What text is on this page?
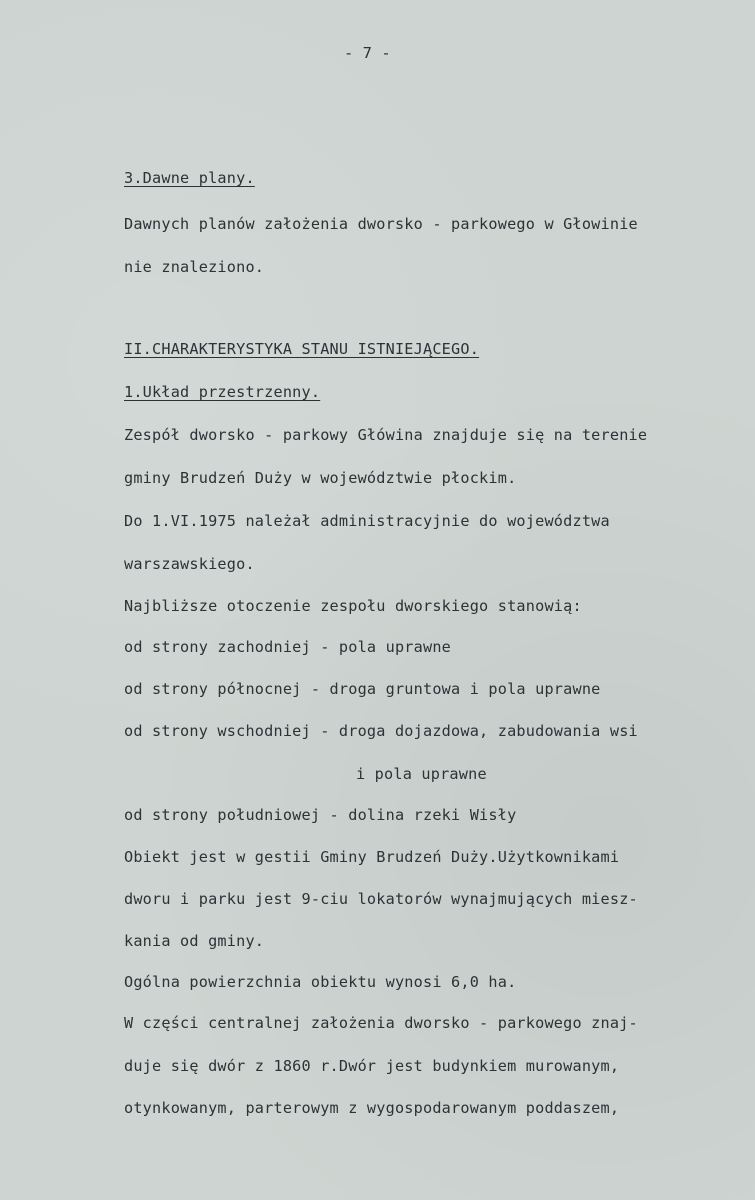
- 7 -
3.Dawne plany.
Dawnych planów założenia dworsko - parkowego w Głowinie
nie znaleziono.
II.CHARAKTERYSTYKA STANU ISTNIEJĄCEGO.
1.Układ przestrzenny.
Zespół dworsko - parkowy Główina znajduje się na terenie
gminy Brudzeń Duży w województwie płockim.
Do 1.VI.1975 należał administracyjnie do województwa
warszawskiego.
Najbliższe otoczenie zespołu dworskiego stanowią:
od strony zachodniej - pola uprawne
od strony północnej - droga gruntowa i pola uprawne
od strony wschodniej - droga dojazdowa, zabudowania wsi
i pola uprawne
od strony południowej - dolina rzeki Wisły
Obiekt jest w gestii Gminy Brudzeń Duży.Użytkownikami
dworu i parku jest 9-ciu lokatorów wynajmujących miesz-
kania od gminy.
Ogólna powierzchnia obiektu wynosi 6,0 ha.
W części centralnej założenia dworsko - parkowego znaj-
duje się dwór z 1860 r.Dwór jest budynkiem murowanym,
otynkowanym, parterowym z wygospodarowanym poddaszem,
